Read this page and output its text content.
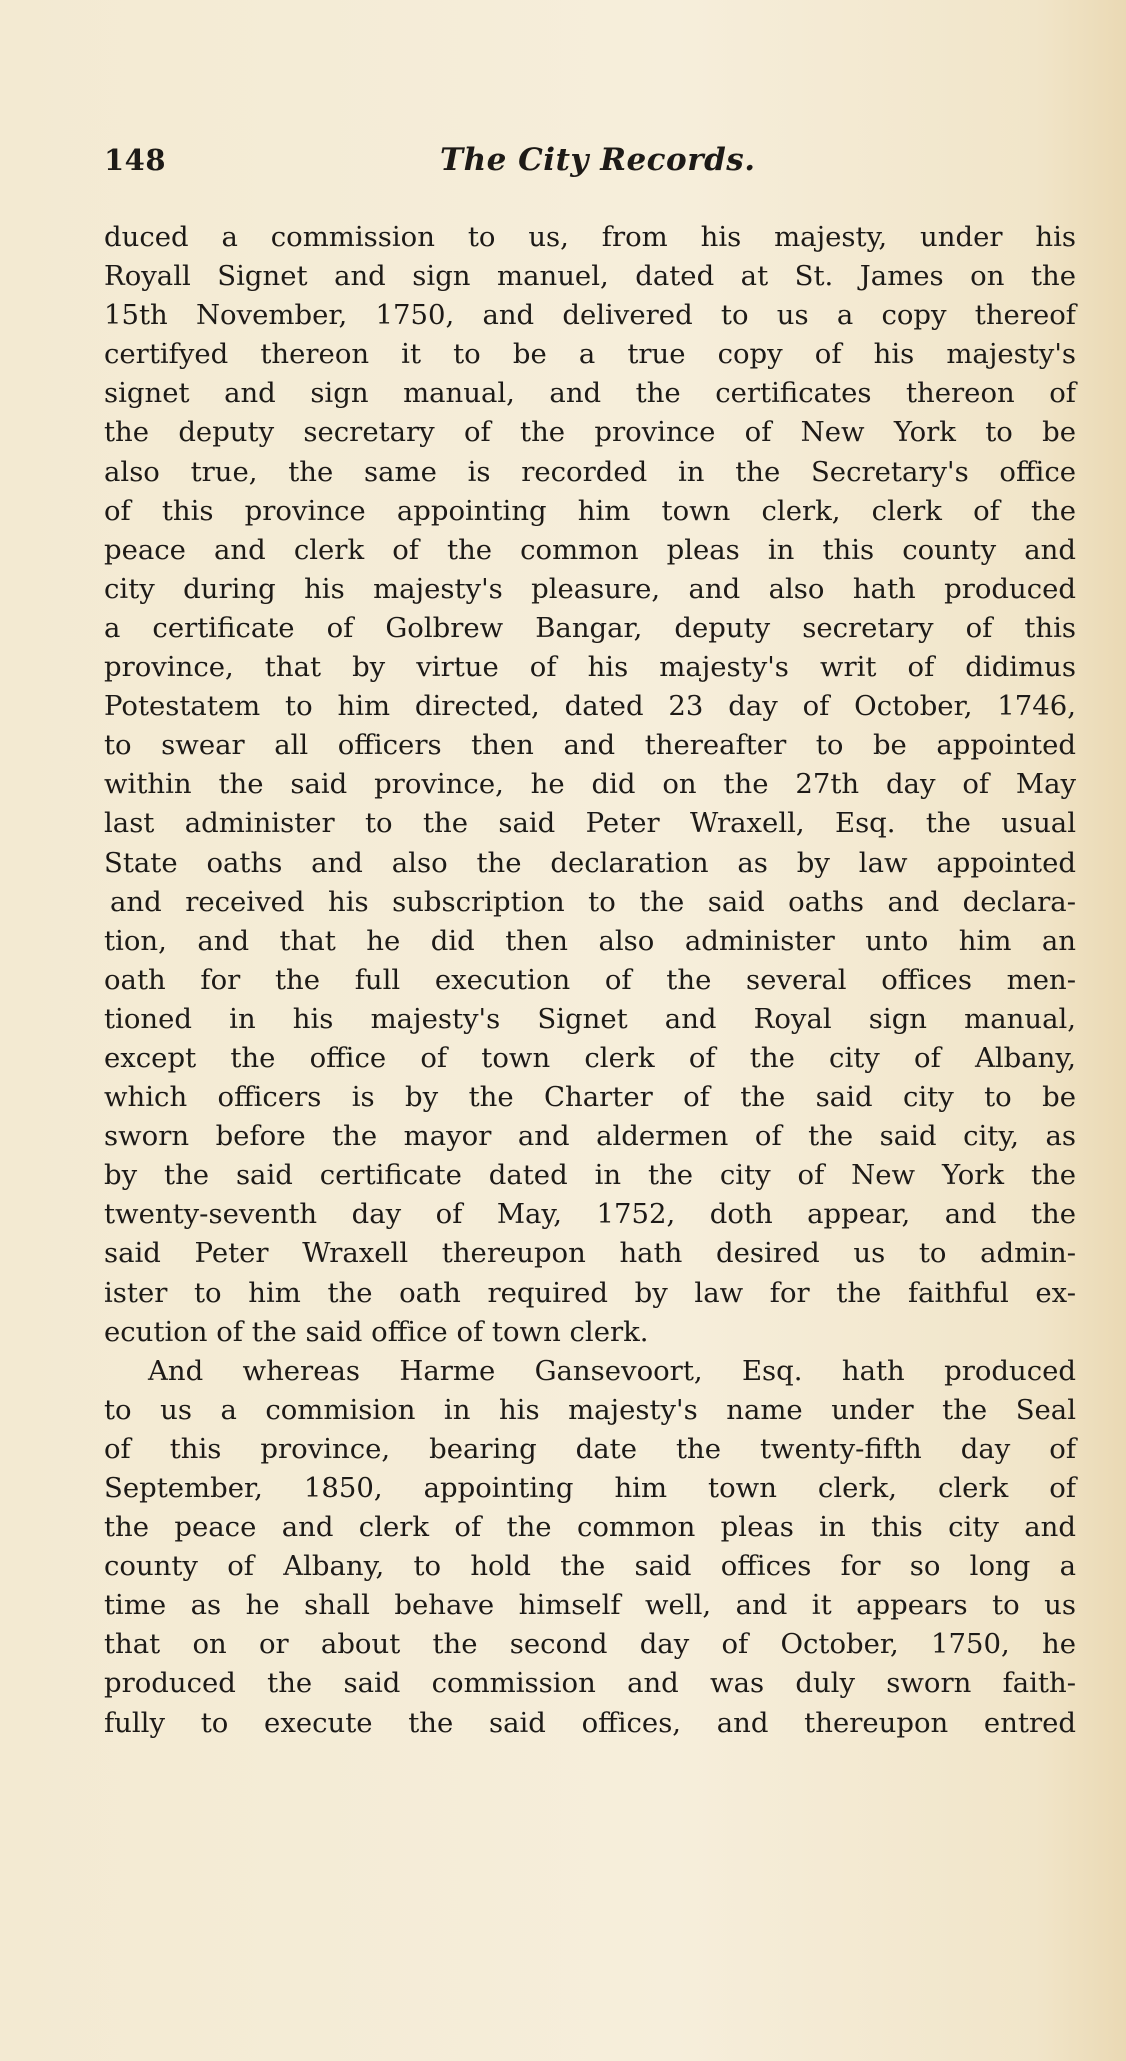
148	The City Records.
duced a commission to us, from his majesty, under his
Royall Signet and sign manuel, dated at St. James on the
15th November, 1750, and delivered to us a copy thereof
certifyed thereon it to be a true copy of his majesty's
signet and sign manual, and the certificates thereon of
the deputy secretary of the province of New York to be
also true, the same is recorded in the Secretary's office
of this province appointing him town clerk, clerk of the
peace and clerk of the common pleas in this county and
city during his majesty's pleasure, and also hath produced
a certificate of Golbrew Bangar, deputy secretary of this
province, that by virtue of his majesty's writ of didimus
Potestatem to him directed, dated 23 day of October, 1746,
to swear all officers then and thereafter to be appointed
within the said province, he did on the 27th day of May
last administer to the said Peter Wraxell, Esq. the usual
State oaths and also the declaration as by law appointed
and received his subscription to the said oaths and declara-
tion, and that he did then also administer unto him an
oath for the full execution of the several offices men-
tioned in his majesty's Signet and Royal sign manual,
except the office of town clerk of the city of Albany,
which officers is by the Charter of the said city to be
sworn before the mayor and aldermen of the said city, as
by the said certificate dated in the city of New York the
twenty-seventh day of May, 1752, doth appear, and the
said Peter Wraxell thereupon hath desired us to admin-
ister to him the oath required by law for the faithful ex-
ecution of the said office of town clerk.
And whereas Harme Gansevoort, Esq. hath produced
to us a commision in his majesty's name under the Seal
of this province, bearing date the twenty-fifth day of
September, 1850, appointing him town clerk, clerk of
the peace and clerk of the common pleas in this city and
county of Albany, to hold the said offices for so long a
time as he shall behave himself well, and it appears to us
that on or about the second day of October, 1750, he
produced the said commission and was duly sworn faith-
fully to execute the said offices, and thereupon entred
